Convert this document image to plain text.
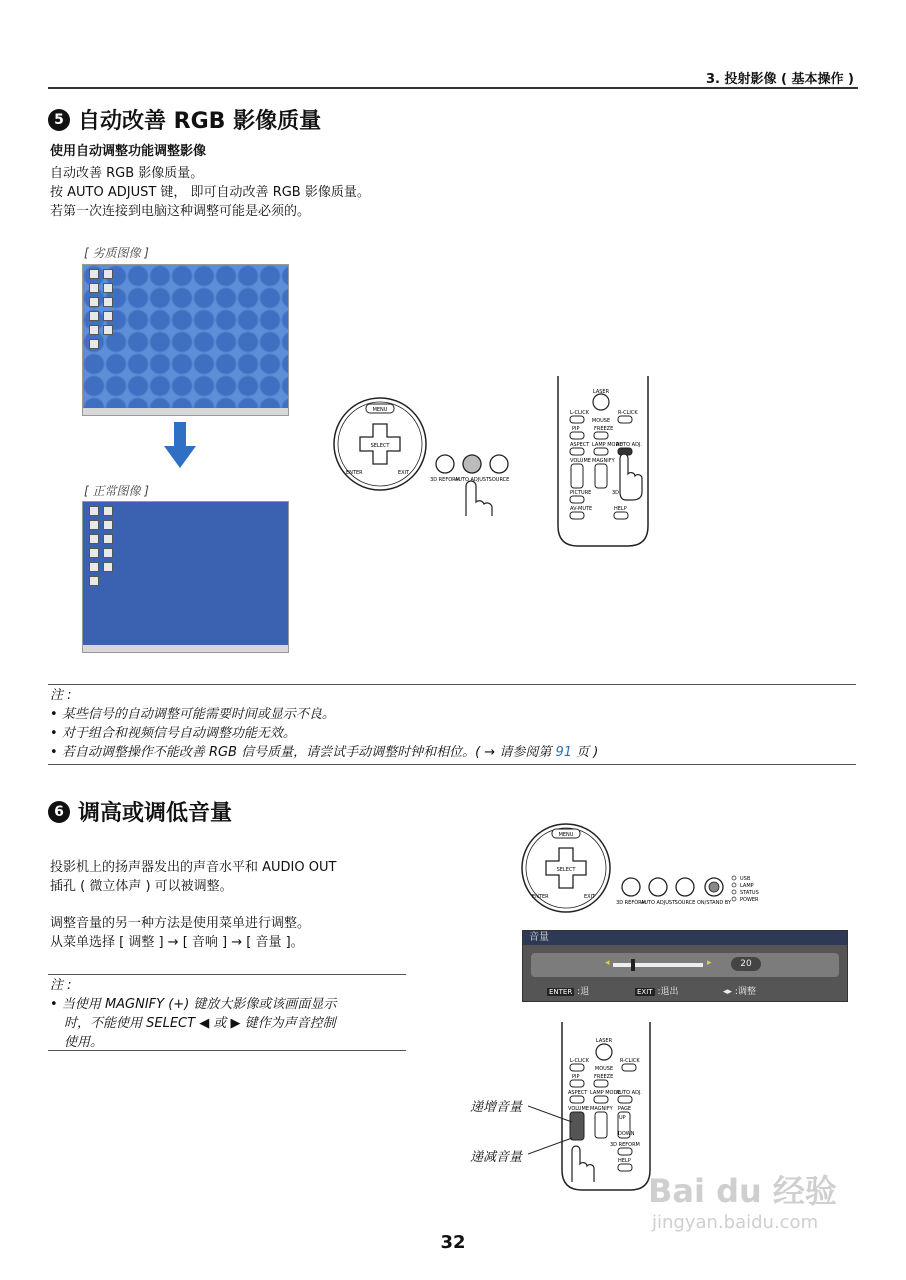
3. 投射影像 ( 基本操作 )
5 自动改善 RGB 影像质量
使用自动调整功能调整影像
自动改善 RGB 影像质量。
按 AUTO ADJUST 键， 即可自动改善 RGB 影像质量。
若第一次连接到电脑这种调整可能是必须的。
[ 劣质图像 ]
[ 正常图像 ]
MENU
SELECT
ENTER	EXIT
3D REFORM
AUTO ADJUST SOURCE
LASER
L-CLICK	R-CLICK
MOUSE
PIP	FREEZE
ASPECT LAMP MODE
AUTO ADJ.
VOLUME MAGNIFY
PICTURE	3D
AV-MUTE	HELP
注 :
• 某些信号的自动调整可能需要时间或显示不良。
• 对于组合和视频信号自动调整功能无效。
• 若自动调整操作不能改善 RGB 信号质量，请尝试手动调整时钟和相位。( → 请参阅第 91 页 )
6 调高或调低音量
投影机上的扬声器发出的声音水平和 AUDIO OUT
插孔 ( 微立体声 ) 可以被调整。
调整音量的另一种方法是使用菜单进行调整。
从菜单选择 [ 调整 ] → [ 音响 ] → [ 音量 ]。
注 :
• 当使用 MAGNIFY (+) 键放大影像或该画面显示
时，不能使用 SELECT ◀ 或 ▶ 键作为声音控制
使用。
MENU
SELECT
ENTER	EXIT
3D REFORM
AUTO ADJUST SOURCE ON/STAND BY
USB
LAMP
STATUS
POWER
音量
◂	▸	20
ENTER :退	EXIT :退出	◂▸ :调整
LASER
L-CLICK	R-CLICK
MOUSE
PIP	FREEZE
ASPECT LAMP MODE
AUTO ADJ.
VOLUME MAGNIFY PAGE
UP
DOWN
3D REFORM
HELP
递增音量
递减音量
32
Bai du 经验
jingyan.baidu.com
